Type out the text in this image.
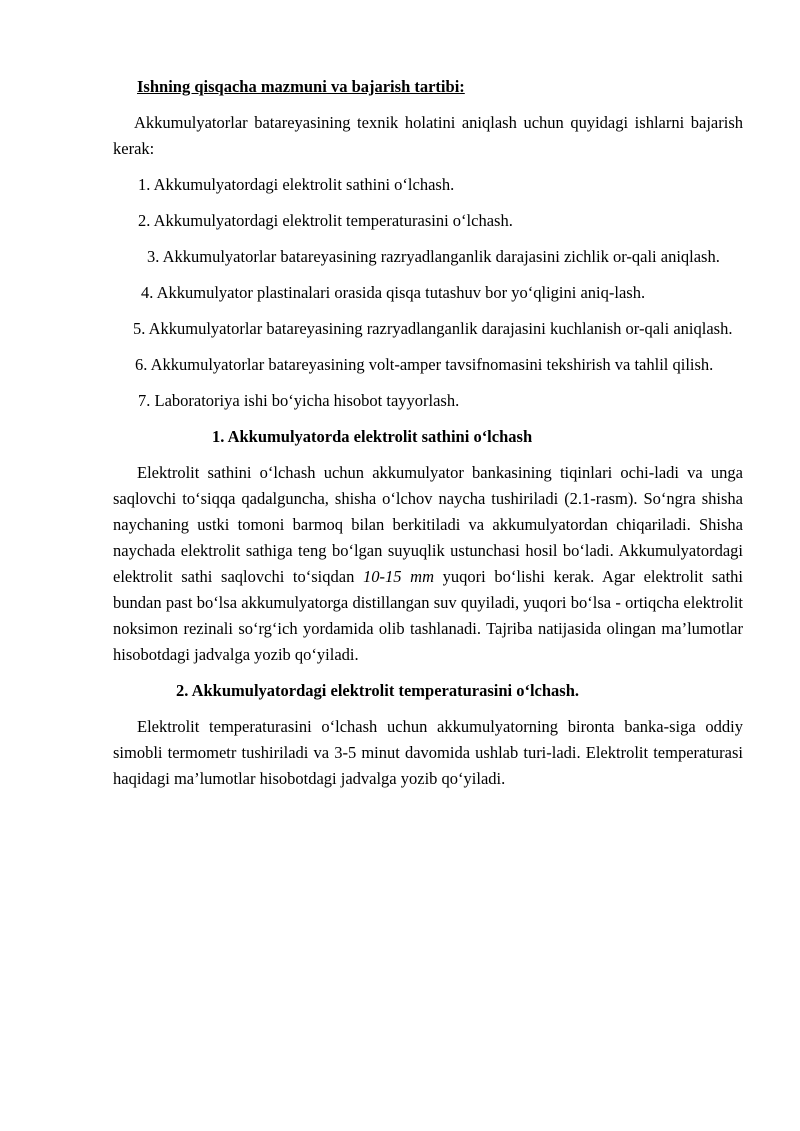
Ishning qisqacha mazmuni va bajarish tartibi:

Akkumulyatorlar batareyasining texnik holatini aniqlash uchun quyidagi ishlarni bajarish kerak:

1. Akkumulyatordagi elektrolit sathini o‘lchash.

2. Akkumulyatordagi elektrolit temperaturasini o‘lchash.

3. Akkumulyatorlar batareyasining razryadlanganlik darajasini zichlik or-qali aniqlash.

4. Akkumulyator plastinalari orasida qisqa tutashuv bor yo‘qligini aniq-lash.

5. Akkumulyatorlar batareyasining razryadlanganlik darajasini kuchlanish or-qali aniqlash.

6. Akkumulyatorlar batareyasining volt-amper tavsifnomasini tekshirish va tahlil qilish.

7. Laboratoriya ishi bo‘yicha hisobot tayyorlash.

1. Akkumulyatorda elektrolit sathini o‘lchash

Elektrolit sathini o‘lchash uchun akkumulyator bankasining tiqinlari ochi-ladi va unga saqlovchi to‘siqqa qadalguncha, shisha o‘lchov naycha tushiriladi (2.1-rasm). So‘ngra shisha naychaning ustki tomoni barmoq bilan berkitiladi va akkumulyatordan chiqariladi. Shisha naychada elektrolit sathiga teng bo‘lgan suyuqlik ustunchasi hosil bo‘ladi. Akkumulyatordagi elektrolit sathi saqlovchi to‘siqdan 10-15 mm yuqori bo‘lishi kerak. Agar elektrolit sathi bundan past bo‘lsa akkumulyatorga distillangan suv quyiladi, yuqori bo‘lsa - ortiqcha elektrolit noksimon rezinali so‘rg‘ich yordamida olib tashlanadi. Tajriba natijasida olingan ma’lumotlar hisobotdagi jadvalga yozib qo‘yiladi.

2. Akkumulyatordagi elektrolit temperaturasini o‘lchash.

Elektrolit temperaturasini o‘lchash uchun akkumulyatorning bironta banka-siga oddiy simobli termometr tushiriladi va 3-5 minut davomida ushlab turi-ladi. Elektrolit temperaturasi haqidagi ma’lumotlar hisobotdagi jadvalga yozib qo‘yiladi.
